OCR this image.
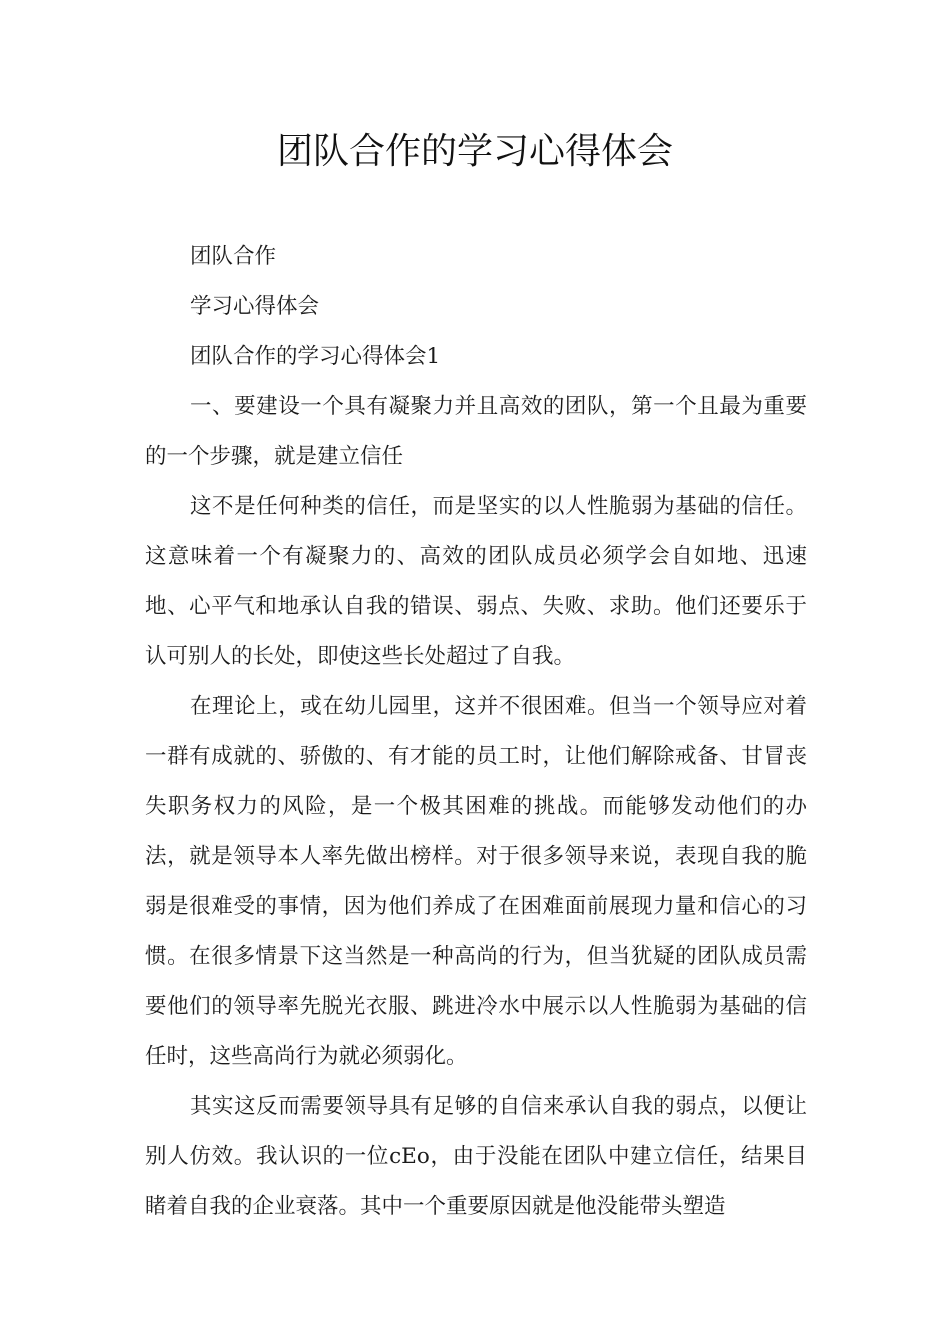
团队合作的学习心得体会

团队合作

学习心得体会

团队合作的学习心得体会1

一、要建设一个具有凝聚力并且高效的团队，第一个且最为重要的一个步骤，就是建立信任

这不是任何种类的信任，而是坚实的以人性脆弱为基础的信任。这意味着一个有凝聚力的、高效的团队成员必须学会自如地、迅速地、心平气和地承认自我的错误、弱点、失败、求助。他们还要乐于认可别人的长处，即使这些长处超过了自我。

在理论上，或在幼儿园里，这并不很困难。但当一个领导应对着一群有成就的、骄傲的、有才能的员工时，让他们解除戒备、甘冒丧失职务权力的风险，是一个极其困难的挑战。而能够发动他们的办法，就是领导本人率先做出榜样。对于很多领导来说，表现自我的脆弱是很难受的事情，因为他们养成了在困难面前展现力量和信心的习惯。在很多情景下这当然是一种高尚的行为，但当犹疑的团队成员需要他们的领导率先脱光衣服、跳进冷水中展示以人性脆弱为基础的信任时，这些高尚行为就必须弱化。

其实这反而需要领导具有足够的自信来承认自我的弱点，以便让别人仿效。我认识的一位cEo，由于没能在团队中建立信任，结果目睹着自我的企业衰落。其中一个重要原因就是他没能带头塑造
